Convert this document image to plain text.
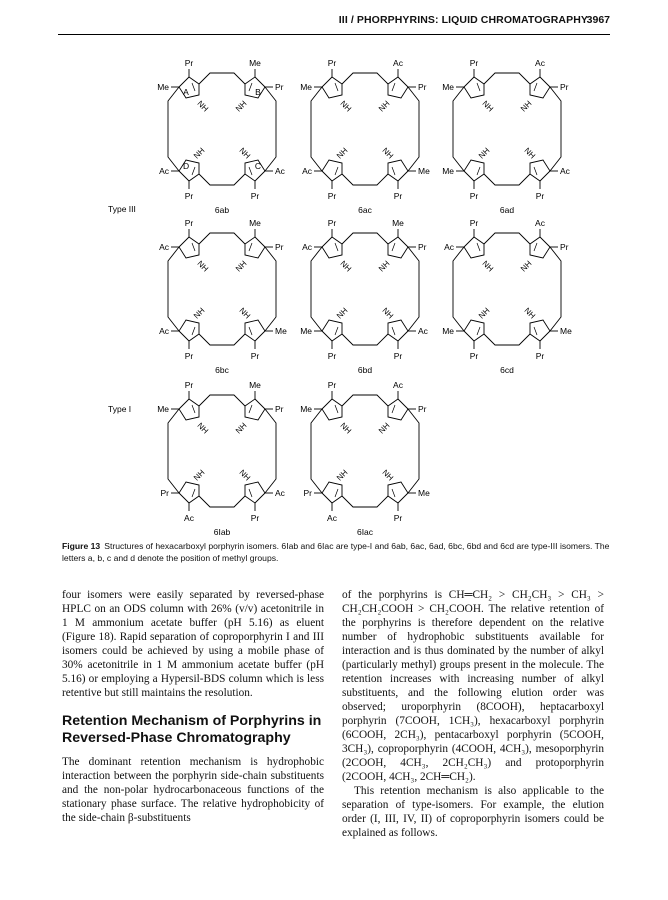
III / PHORPHYRINS: LIQUID CHROMATOGRAPHY
3967
Pr	Me
Me	Pr
Ac	Ac
Pr	Pr
NH	NH
NH	NH
A	B
C
D
6ab
Pr	Ac
Me	Pr
Ac	Me
Pr	Pr
NH	NH
NH	NH
6ac
Pr	Ac
Me	Pr
Me	Ac
Pr	Pr
NH	NH
NH	NH
6ad
Pr	Me
Ac	Pr
Ac	Me
Pr	Pr
NH	NH
NH	NH
6bc
Pr	Me
Ac	Pr
Me	Ac
Pr	Pr
NH	NH
NH	NH
6bd
Pr	Ac
Ac	Pr
Me	Me
Pr	Pr
NH	NH
NH	NH
6cd
Pr	Me
Me	Pr
Pr	Ac
Ac	Pr
NH	NH
NH	NH
6Iab
Pr	Ac
Me	Pr
Pr	Me
Ac	Pr
NH	NH
NH	NH
6Iac
Type III
Type I
Figure 13 Structures of hexacarboxyl porphyrin isomers. 6Iab and 6Iac are type-I and 6ab, 6ac, 6ad, 6bc, 6bd and 6cd are type-III isomers. The letters a, b, c and d denote the position of methyl groups.

four isomers were easily separated by reversed-phase HPLC on an ODS column with 26% (v/v) acetonitrile in 1 M ammonium acetate buffer (pH 5.16) as eluent (Figure 18). Rapid separation of coproporphyrin I and III isomers could be achieved by using a mobile phase of 30% acetonitrile in 1 M ammonium acetate buffer (pH 5.16) or employing a Hypersil-BDS column which is less retentive but still maintains the resolution.

Retention Mechanism of Porphyrins in Reversed-Phase Chromatography

The dominant retention mechanism is hydrophobic interaction between the porphyrin side-chain substituents and the non-polar hydrocarbonaceous functions of the stationary phase surface. The relative hydrophobicity of the side-chain β-substituents

of the porphyrins is CH═CH₂ > CH₂CH₃ > CH₃ > CH₂CH₂COOH > CH₂COOH. The relative retention of the porphyrins is therefore dependent on the relative number of hydrophobic substituents available for interaction and is thus dominated by the number of alkyl (particularly methyl) groups present in the molecule. The retention increases with increasing number of alkyl substituents, and the following elution order was observed; uroporphyrin (8COOH), heptacarboxyl porphyrin (7COOH, 1CH₃), hexacarboxyl porphyrin (6COOH, 2CH₃), pentacarboxyl porphyrin (5COOH, 3CH₃), coproporphyrin (4COOH, 4CH₃), mesoporphyrin (2COOH, 4CH₃, 2CH₂CH₃) and protoporphyrin (2COOH, 4CH₃, 2CH═CH₂).

This retention mechanism is also applicable to the separation of type-isomers. For example, the elution order (I, III, IV, II) of coproporphyrin isomers could be explained as follows.
